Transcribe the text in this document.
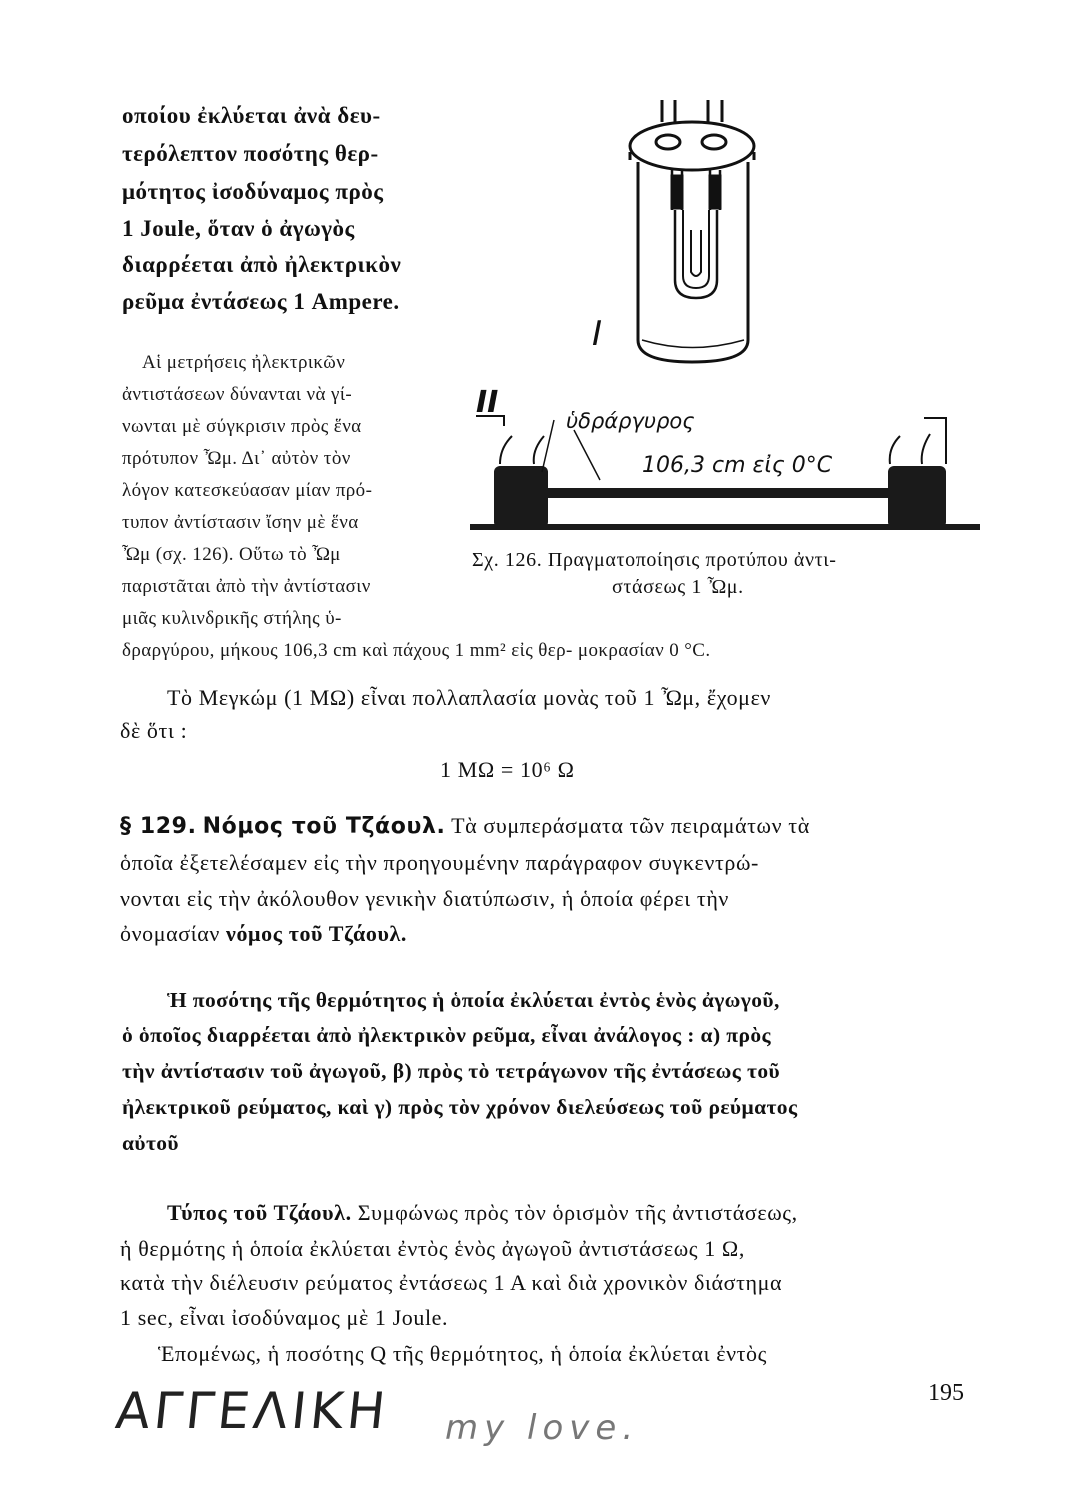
οποίου ἐκλύεται ἀνὰ δευ-
τερόλεπτον ποσότης θερ-
μότητος ἰσοδύναμος πρὸς
1 Joule, ὅταν ὁ ἀγωγὸς
διαρρέεται ἀπὸ ἠλεκτρικὸν
ρεῦμα ἐντάσεως 1 Ampere.
Αἱ μετρήσεις ἠλεκτρικῶν
ἀντιστάσεων δύνανται νὰ γί-
νωνται μὲ σύγκρισιν πρὸς ἕνα
πρότυπον Ὦμ. Δι᾽ αὐτὸν τὸν
λόγον κατεσκεύασαν μίαν πρό-
τυπον ἀντίστασιν ἴσην μὲ ἕνα
Ὦμ (σχ. 126). Οὕτω τὸ Ὦμ
παριστᾶται ἀπὸ τὴν ἀντίστασιν
μιᾶς κυλινδρικῆς στήλης ὑ-
δραργύρου, μήκους 106,3 cm καὶ πάχους 1 mm² εἰς θερ- μοκρασίαν 0 °C.
I
II
ὑδράργυρος
106,3 cm εἰς 0°C
Σχ. 126. Πραγματοποίησις προτύπου ἀντι-
στάσεως 1 Ὦμ.
Τὸ Μεγκώμ (1 ΜΩ) εἶναι πολλαπλασία μονὰς τοῦ 1 Ὦμ, ἔχομεν
δὲ ὅτι :
1 ΜΩ = 10⁶ Ω
§ 129. Νόμος τοῦ Τζάουλ. Τὰ συμπεράσματα τῶν πειραμάτων τὰ
ὁποῖα ἐξετελέσαμεν εἰς τὴν προηγουμένην παράγραφον συγκεντρώ-
νονται εἰς τὴν ἀκόλουθον γενικὴν διατύπωσιν, ἡ ὁποία φέρει τὴν
ὀνομασίαν νόμος τοῦ Τζάουλ.
Ἡ ποσότης τῆς θερμότητος ἡ ὁποία ἐκλύεται ἐντὸς ἑνὸς ἀγωγοῦ,
ὁ ὁποῖος διαρρέεται ἀπὸ ἠλεκτρικὸν ρεῦμα, εἶναι ἀνάλογος : α) πρὸς
τὴν ἀντίστασιν τοῦ ἀγωγοῦ, β) πρὸς τὸ τετράγωνον τῆς ἐντάσεως τοῦ
ἠλεκτρικοῦ ρεύματος, καὶ γ) πρὸς τὸν χρόνον διελεύσεως τοῦ ρεύματος
αὐτοῦ
Τύπος τοῦ Τζάουλ. Συμφώνως πρὸς τὸν ὁρισμὸν τῆς ἀντιστάσεως,
ἡ θερμότης ἡ ὁποία ἐκλύεται ἐντὸς ἑνὸς ἀγωγοῦ ἀντιστάσεως 1 Ω,
κατὰ τὴν διέλευσιν ρεύματος ἐντάσεως 1 Α καὶ διὰ χρονικὸν διάστημα
1 sec, εἶναι ἰσοδύναμος μὲ 1 Joule.
Ἑπομένως, ἡ ποσότης Q τῆς θερμότητος, ἡ ὁποία ἐκλύεται ἐντὸς
ΑΓΓΕΛΙΚΗ my love.
195
